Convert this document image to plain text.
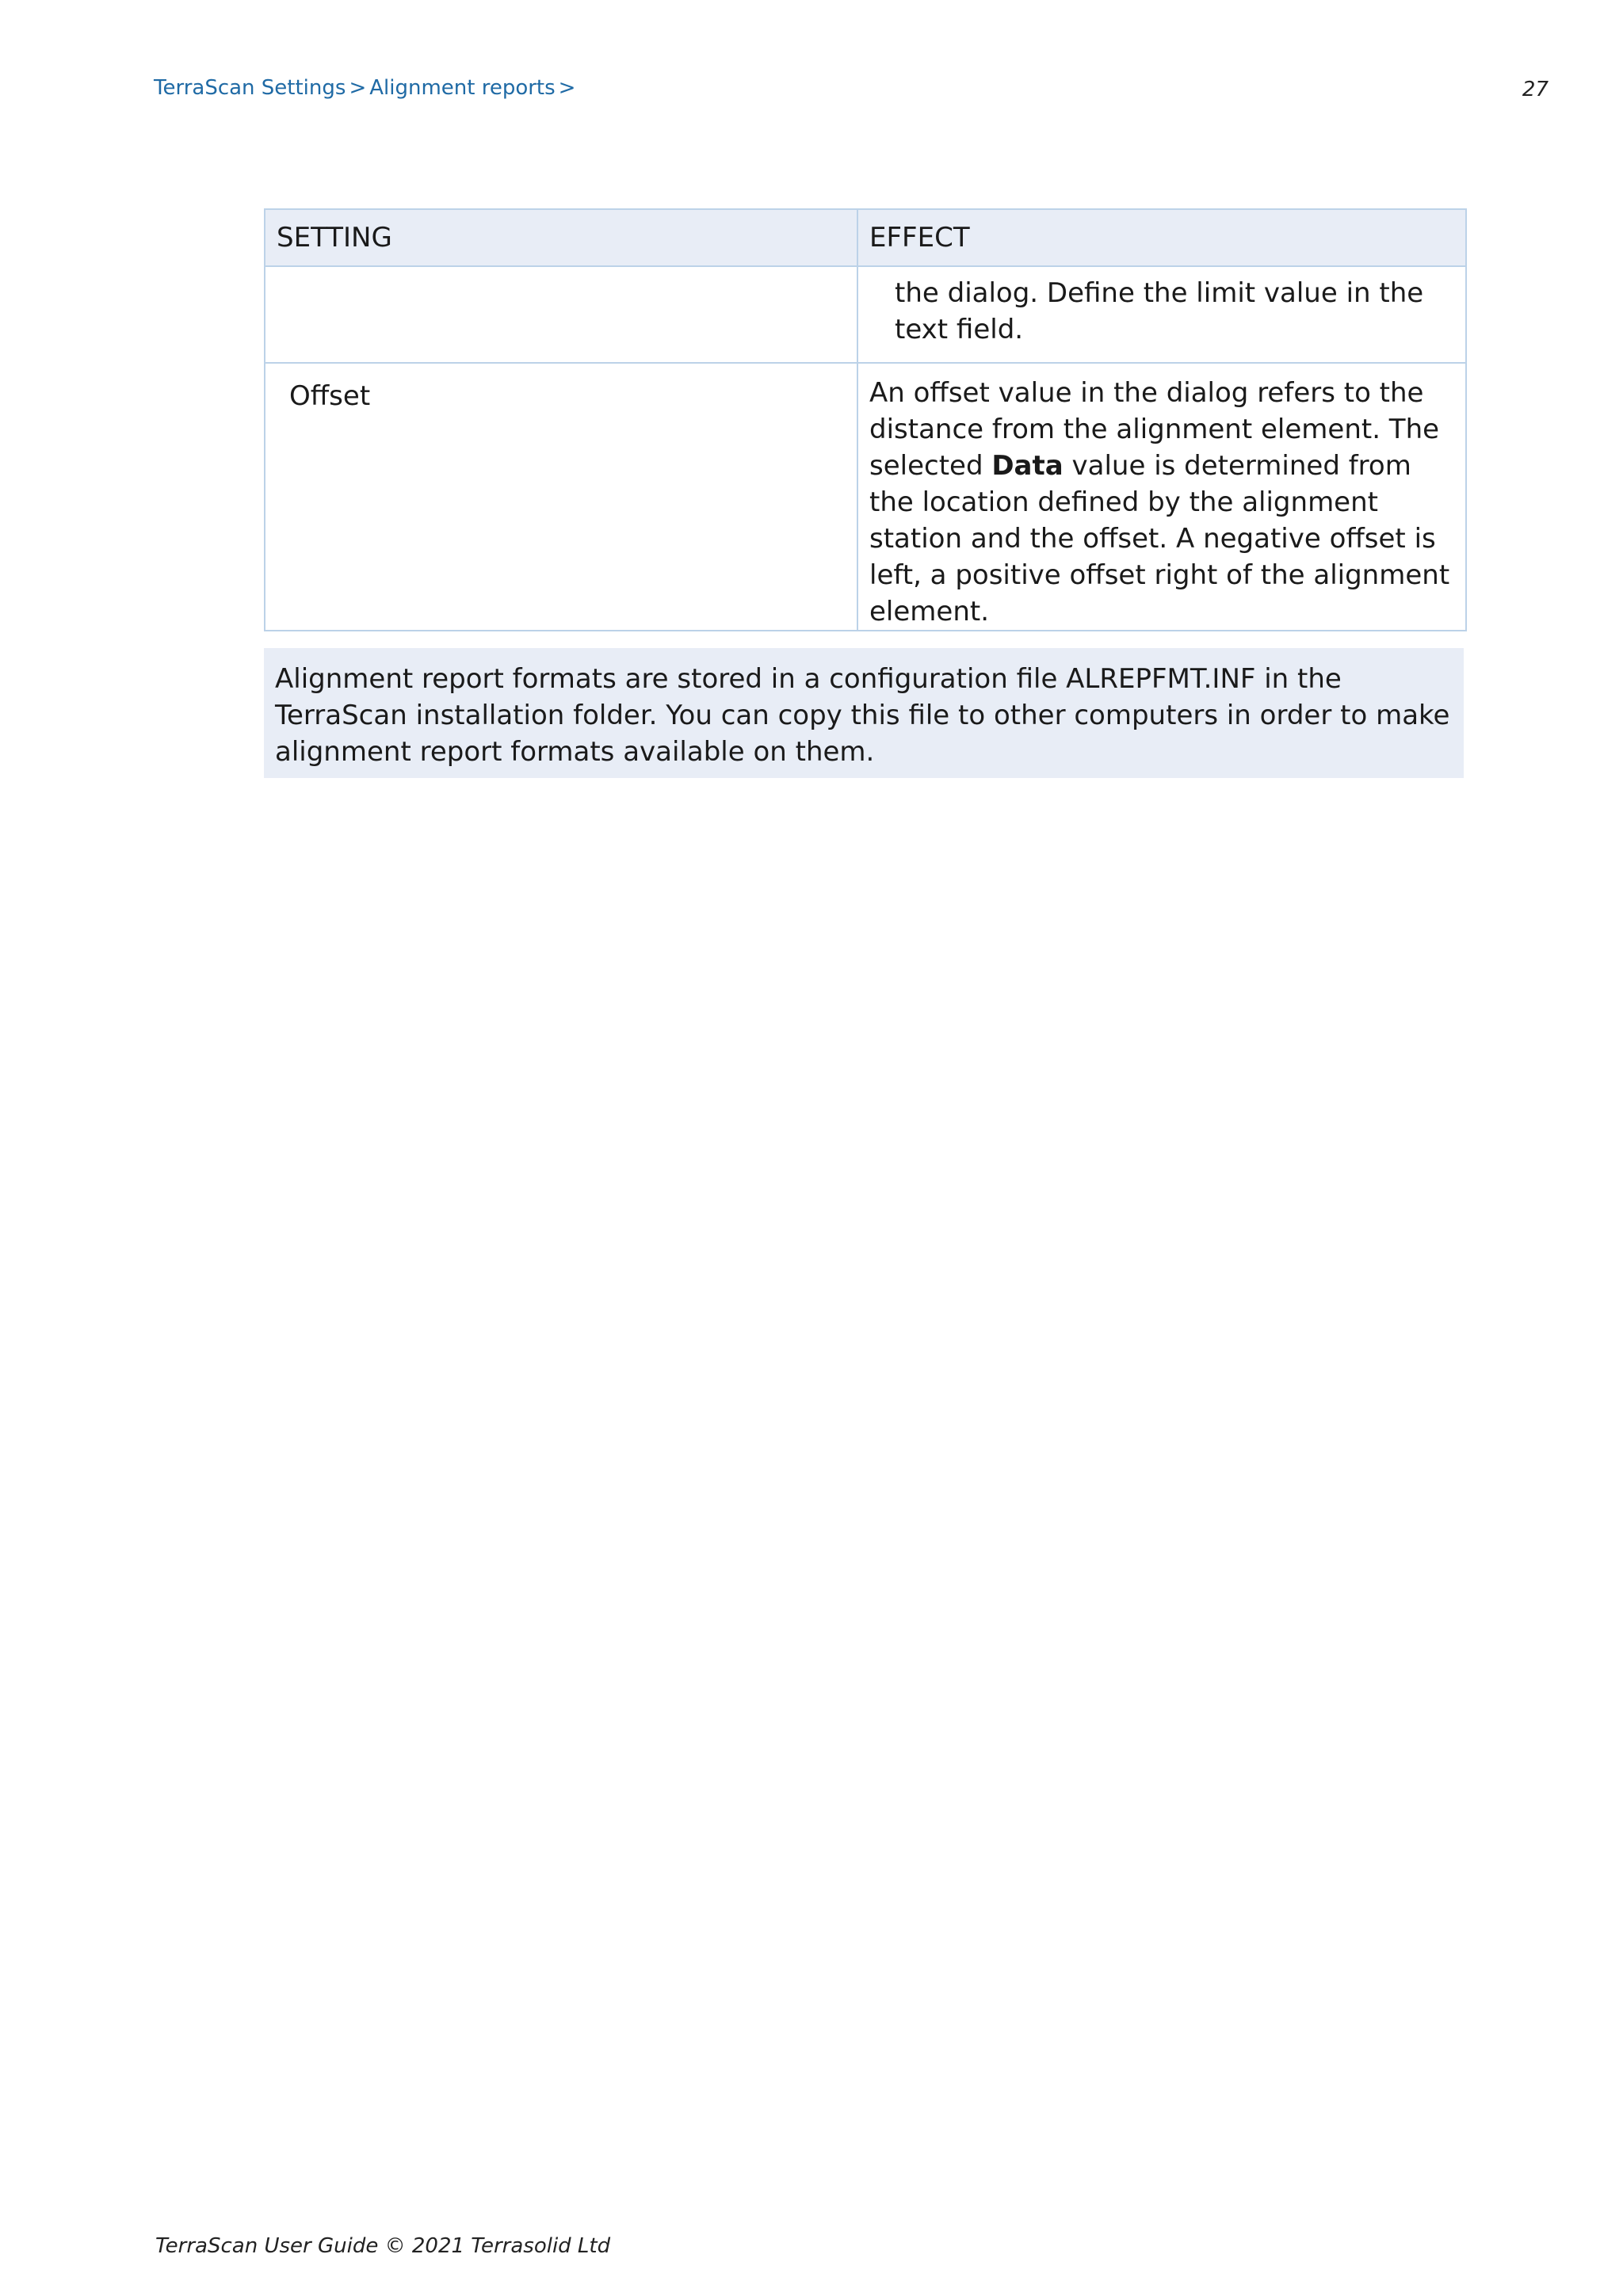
TerraScan Settings > Alignment reports >	27
SETTING	EFFECT
	the dialog. Define the limit value in the text field.
Offset	An offset value in the dialog refers to the distance from the alignment element. The selected Data value is determined from the location defined by the alignment station and the offset. A negative offset is left, a positive offset right of the alignment element.
Alignment report formats are stored in a configuration file ALREPFMT.INF in the TerraScan installation folder. You can copy this file to other computers in order to make alignment report formats available on them.
TerraScan User Guide © 2021 Terrasolid Ltd
